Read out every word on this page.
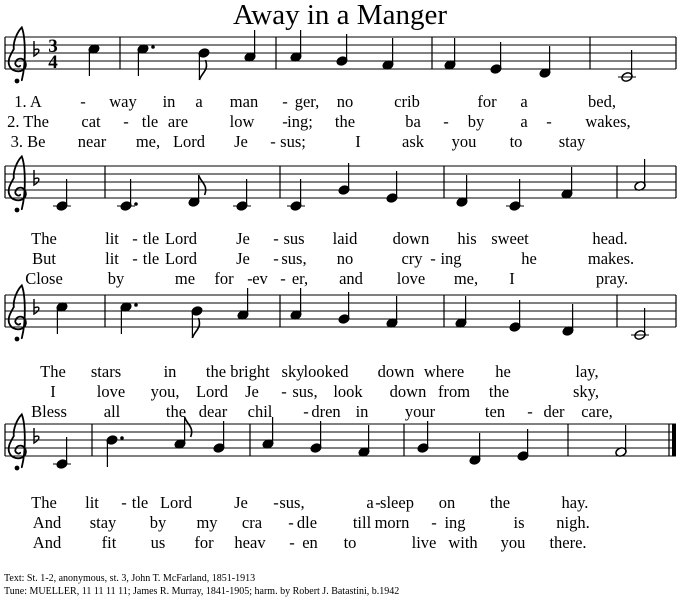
Away in a Manger
3
4
1. A - way in a man - ger, no crib	for a	bed,
2. The cat - tle are	low - ing; the	ba - by a - wakes,
3. Be near me, Lord Je - sus;	I	ask you to stay
The	lit - tle Lord Je - sus laid down his sweet	head.
But	lit - tle Lord Je - sus, no	cry - ing	he	makes.
Close	by	me for - ev - er, and love me, I	pray.
The stars	in the bright sky looked down where he	lay,
I love you, Lord Je - sus, look down from the	sky,
Bless all	the dear chil - dren in your	ten - der care,
The lit - tle Lord	Je - sus,	a - sleep on the	hay.
And stay by my cra - dle till morn - ing	is nigh.
And fit us for heav - en to	live with you there.
Text: St. 1-2, anonymous, st. 3, John T. McFarland, 1851-1913
Tune: MUELLER, 11 11 11 11; James R. Murray, 1841-1905; harm. by Robert J. Batastini, b.1942
